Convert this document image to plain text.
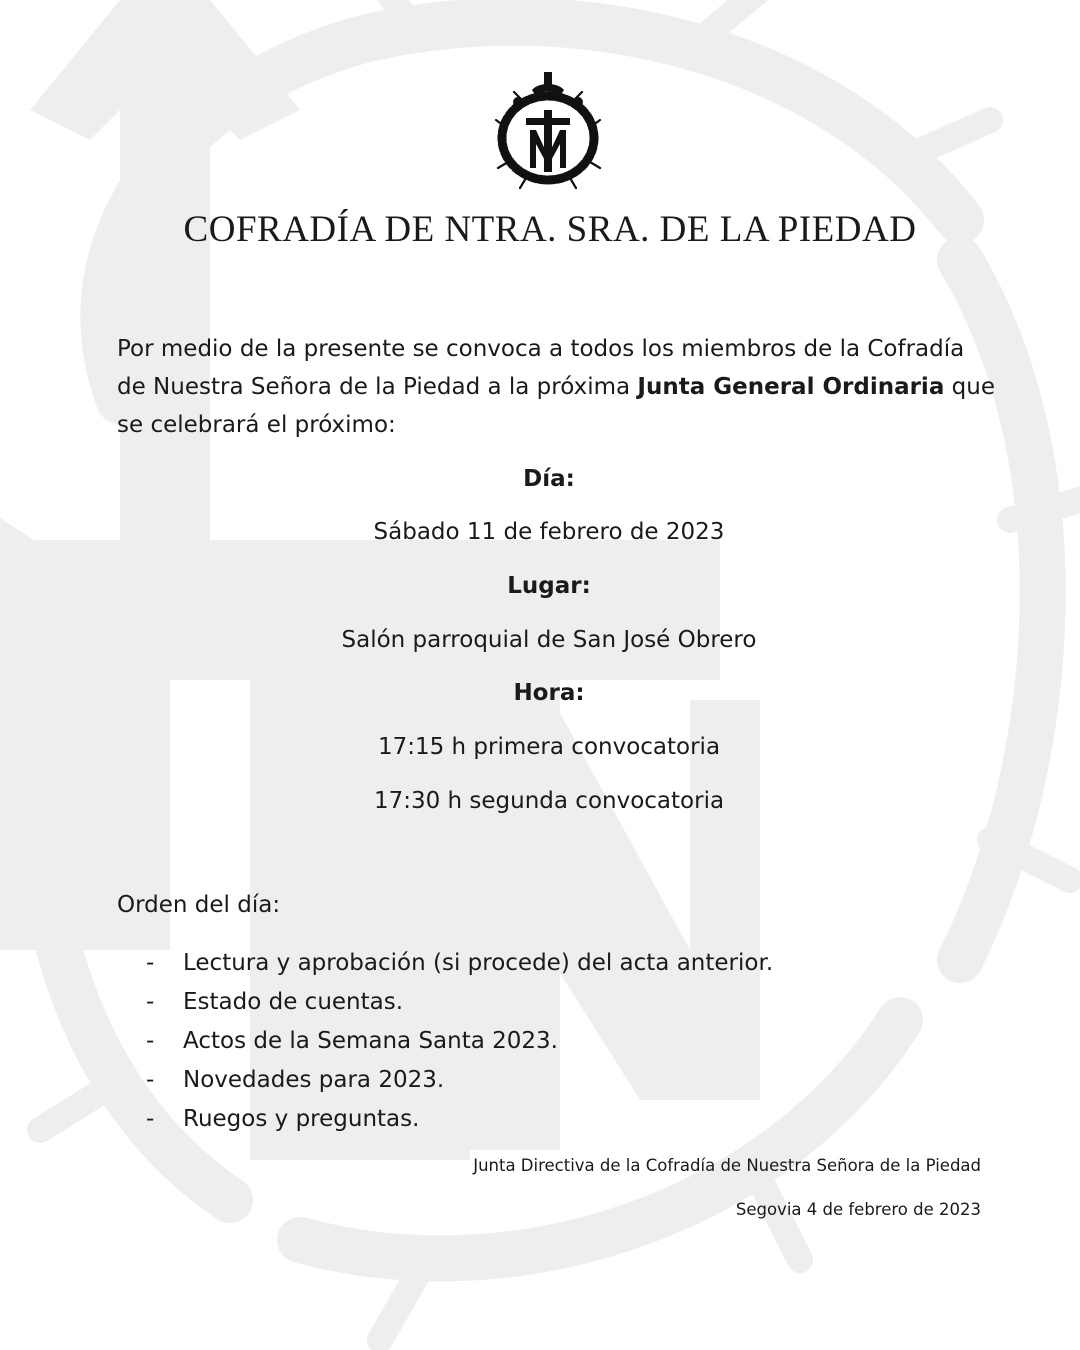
COFRADÍA DE NTRA. SRA. DE LA PIEDAD

Por medio de la presente se convoca a todos los miembros de la Cofradía de Nuestra Señora de la Piedad a la próxima Junta General Ordinaria que se celebrará el próximo:

Día:
Sábado 11 de febrero de 2023
Lugar:
Salón parroquial de San José Obrero
Hora:
17:15 h primera convocatoria
17:30 h segunda convocatoria
Orden del día:
- Lectura y aprobación (si procede) del acta anterior.
- Estado de cuentas.
- Actos de la Semana Santa 2023.
- Novedades para 2023.
- Ruegos y preguntas.
Junta Directiva de la Cofradía de Nuestra Señora de la Piedad
Segovia 4 de febrero de 2023
